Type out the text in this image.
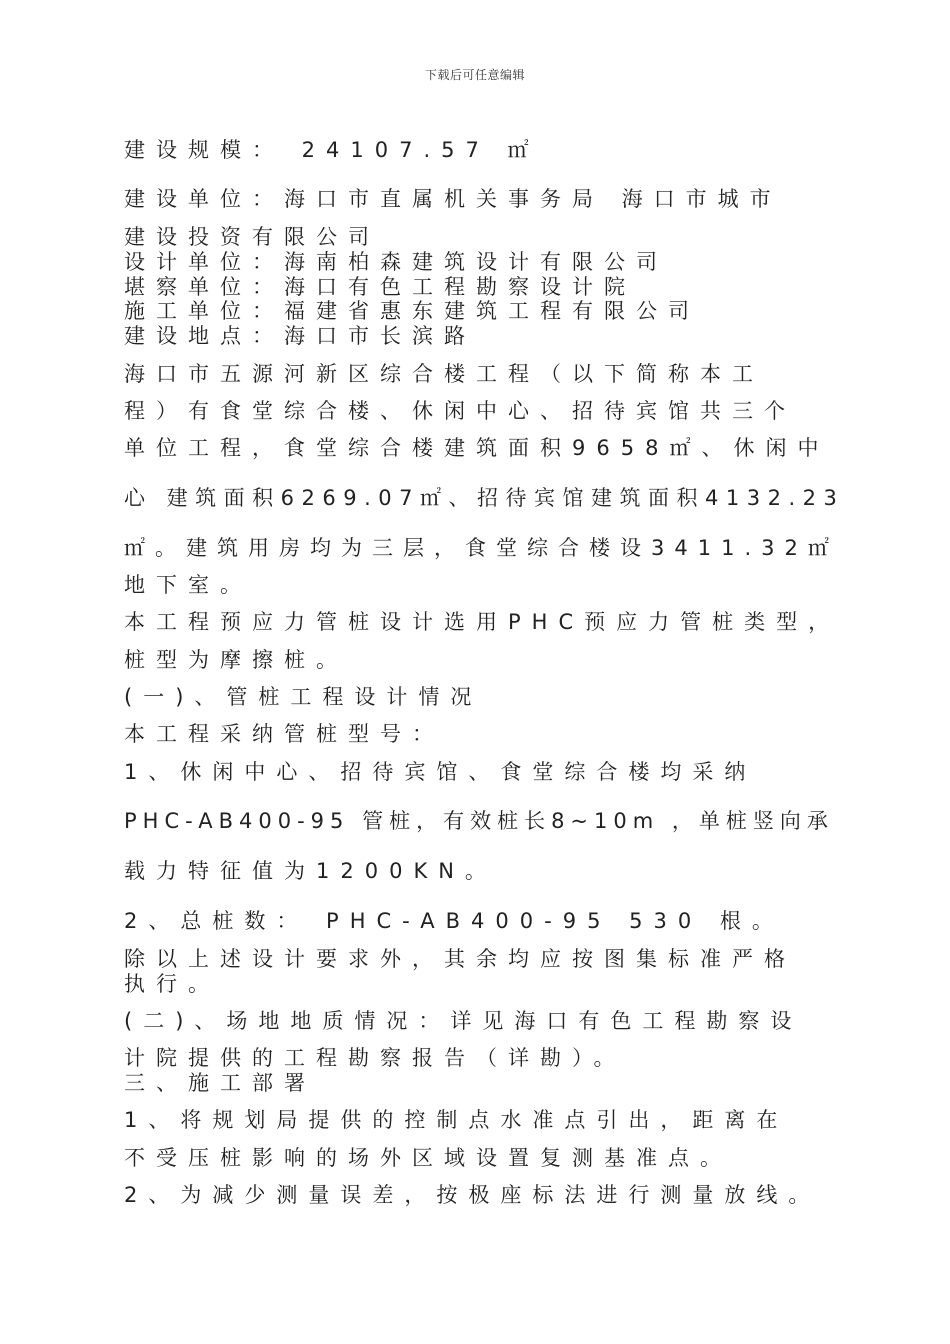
下载后可任意编辑
建设规模： 24107.57 ㎡
建设单位：海口市直属机关事务局 海口市城市
建设投资有限公司
设计单位：海南柏森建筑设计有限公司
堪察单位：海口有色工程勘察设计院
施工单位：福建省惠东建筑工程有限公司
建设地点：海口市长滨路
海口市五源河新区综合楼工程（以下简称本工
程）有食堂综合楼、休闲中心、招待宾馆共三个
单位工程，食堂综合楼建筑面积9658㎡、休闲中
心 建筑面积6269.07㎡、招待宾馆建筑面积4132.23
㎡。建筑用房均为三层，食堂综合楼设3411.32㎡
地下室。
本工程预应力管桩设计选用PHC预应力管桩类型，
桩型为摩擦桩。
(一)、管桩工程设计情况
本工程采纳管桩型号：
1、休闲中心、招待宾馆、食堂综合楼均采纳
PHC-AB400-95 管桩，有效桩长8~10m ，单桩竖向承
载力特征值为1200KN。
2、总桩数： PHC-AB400-95 530 根。
除以上述设计要求外，其余均应按图集标准严格
执行。
(二)、场地地质情况：详见海口有色工程勘察设
计院提供的工程勘察报告（详勘）。
三、施工部署
1、将规划局提供的控制点水准点引出，距离在
不受压桩影响的场外区域设置复测基准点。
2、为减少测量误差，按极座标法进行测量放线。
